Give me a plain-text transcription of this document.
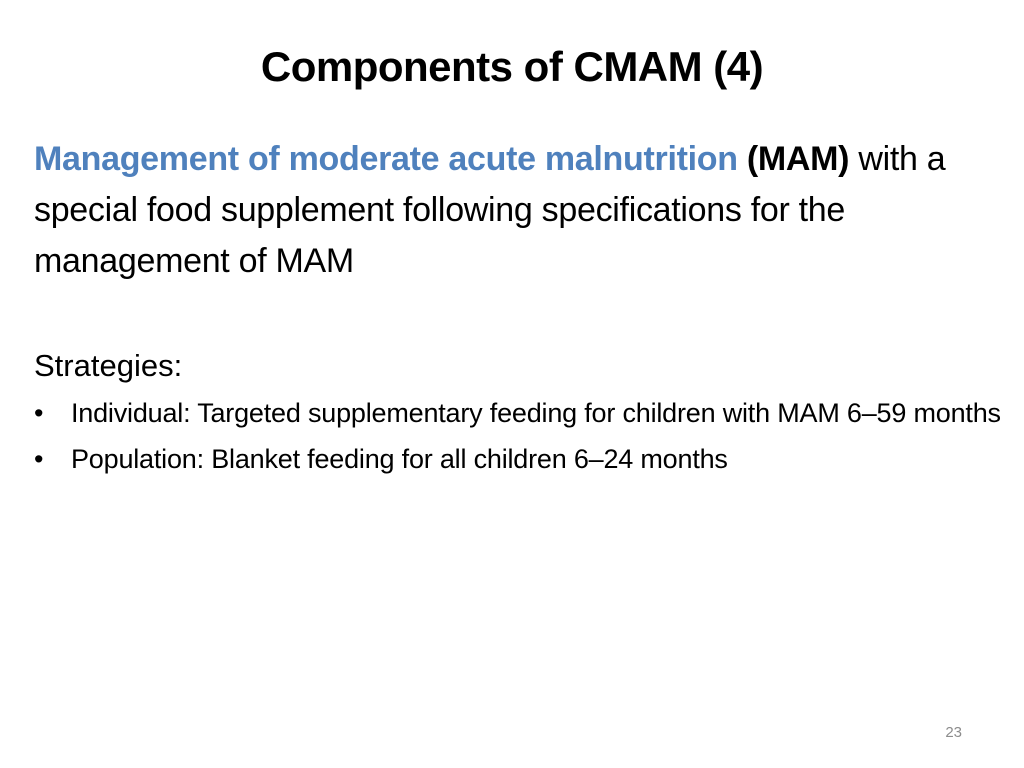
Components of CMAM (4)
Management of moderate acute malnutrition (MAM) with a special food supplement following specifications for the management of MAM
Strategies:
•	Individual: Targeted supplementary feeding for children with MAM 6–59 months
•	Population: Blanket feeding for all children 6–24 months
23
